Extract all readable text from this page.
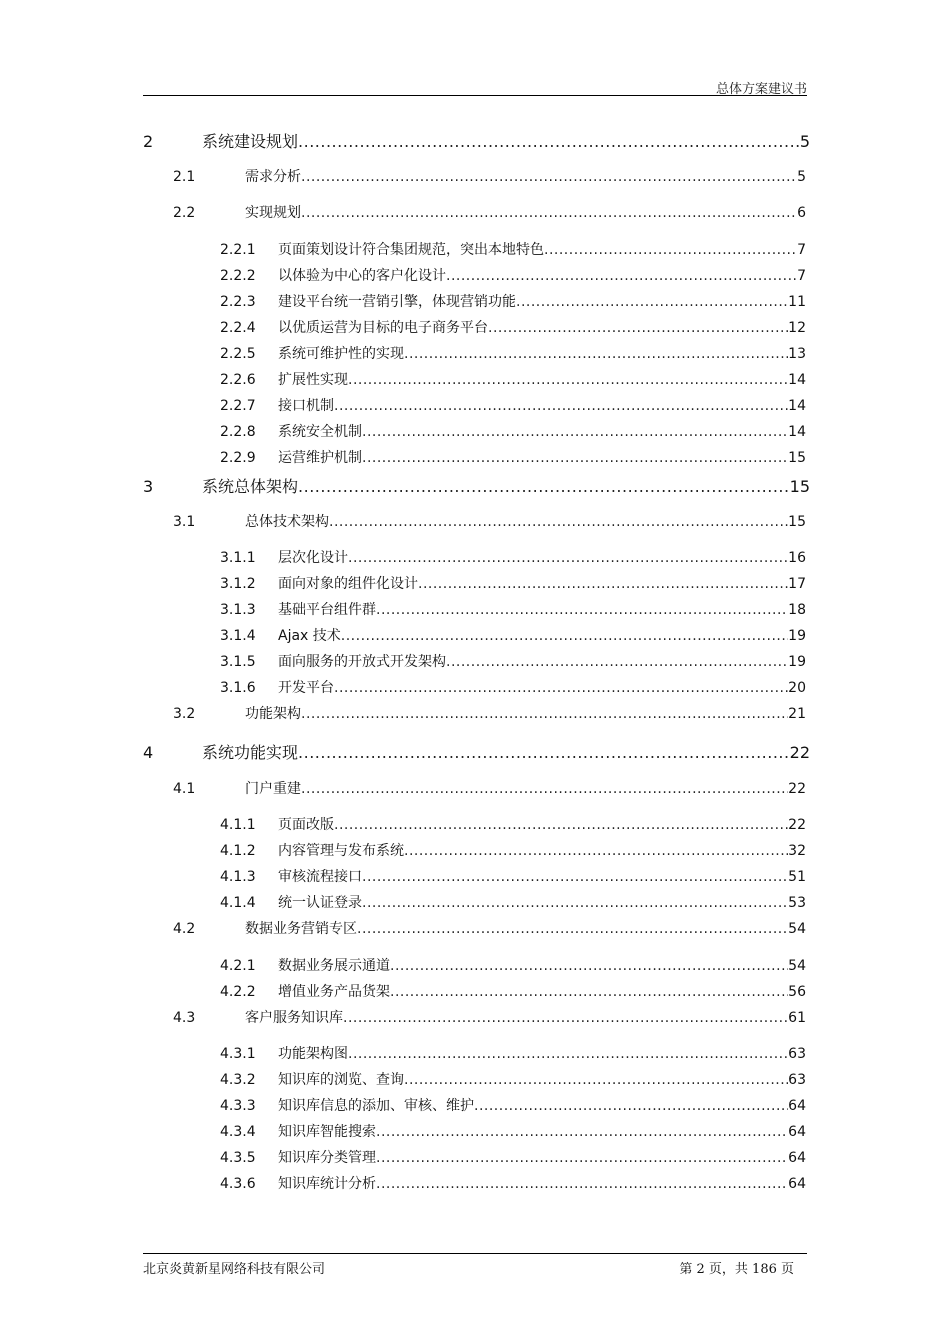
总体方案建议书
2	系统建设规划 .....	5
2.1	需求分析 .....	5
2.2	实现规划 .....	6
2.2.1	页面策划设计符合集团规范，突出本地特色 .....	7
2.2.2	以体验为中心的客户化设计 .....	7
2.2.3	建设平台统一营销引擎，体现营销功能 .....	11
2.2.4	以优质运营为目标的电子商务平台 .....	12
2.2.5	系统可维护性的实现 .....	13
2.2.6	扩展性实现 .....	14
2.2.7	接口机制 .....	14
2.2.8	系统安全机制 .....	14
2.2.9	运营维护机制 .....	15
3	系统总体架构 .....	15
3.1	总体技术架构 .....	15
3.1.1	层次化设计 .....	16
3.1.2	面向对象的组件化设计 .....	17
3.1.3	基础平台组件群 .....	18
3.1.4	Ajax 技术 .....	19
3.1.5	面向服务的开放式开发架构 .....	19
3.1.6	开发平台 .....	20
3.2	功能架构 .....	21
4	系统功能实现 .....	22
4.1	门户重建 .....	22
4.1.1	页面改版 .....	22
4.1.2	内容管理与发布系统 .....	32
4.1.3	审核流程接口 .....	51
4.1.4	统一认证登录 .....	53
4.2	数据业务营销专区 .....	54
4.2.1	数据业务展示通道 .....	54
4.2.2	增值业务产品货架 .....	56
4.3	客户服务知识库 .....	61
4.3.1	功能架构图 .....	63
4.3.2	知识库的浏览、查询 .....	63
4.3.3	知识库信息的添加、审核、维护 .....	64
4.3.4	知识库智能搜索 .....	64
4.3.5	知识库分类管理 .....	64
4.3.6	知识库统计分析 .....	64
北京炎黄新星网络科技有限公司	第 2 页，共 186 页
